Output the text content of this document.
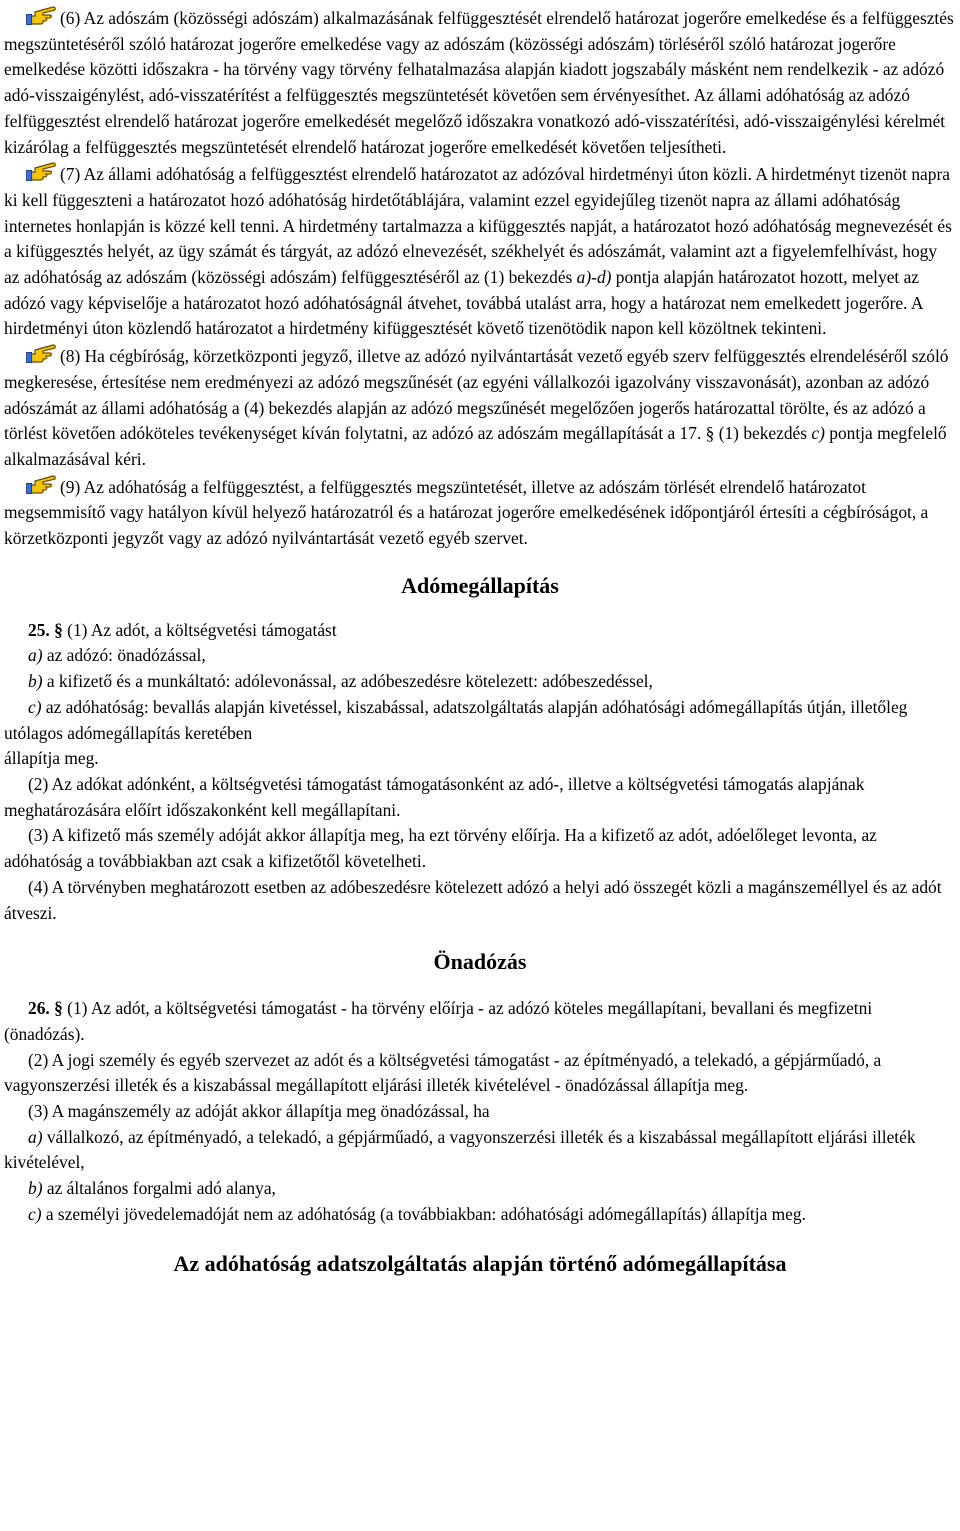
(6) Az adószám (közösségi adószám) alkalmazásának felfüggesztését elrendelő határozat jogerőre emelkedése és a felfüggesztés megszüntetéséről szóló határozat jogerőre emelkedése vagy az adószám (közösségi adószám) törléséről szóló határozat jogerőre emelkedése közötti időszakra - ha törvény vagy törvény felhatalmazása alapján kiadott jogszabály másként nem rendelkezik - az adózó adó-visszaigénylést, adó-visszatérítést a felfüggesztés megszüntetését követően sem érvényesíthet. Az állami adóhatóság az adózó felfüggesztést elrendelő határozat jogerőre emelkedését megelőző időszakra vonatkozó adó-visszatérítési, adó-visszaigénylési kérelmét kizárólag a felfüggesztés megszüntetését elrendelő határozat jogerőre emelkedését követően teljesítheti.

(7) Az állami adóhatóság a felfüggesztést elrendelő határozatot az adózóval hirdetményi úton közli. A hirdetményt tizenöt napra ki kell függeszteni a határozatot hozó adóhatóság hirdetőtáblájára, valamint ezzel egyidejűleg tizenöt napra az állami adóhatóság internetes honlapján is közzé kell tenni. A hirdetmény tartalmazza a kifüggesztés napját, a határozatot hozó adóhatóság megnevezését és a kifüggesztés helyét, az ügy számát és tárgyát, az adózó elnevezését, székhelyét és adószámát, valamint azt a figyelemfelhívást, hogy az adóhatóság az adószám (közösségi adószám) felfüggesztéséről az (1) bekezdés a)-d) pontja alapján határozatot hozott, melyet az adózó vagy képviselője a határozatot hozó adóhatóságnál átvehet, továbbá utalást arra, hogy a határozat nem emelkedett jogerőre. A hirdetményi úton közlendő határozatot a hirdetmény kifüggesztését követő tizenötödik napon kell közöltnek tekinteni.

(8) Ha cégbíróság, körzetközponti jegyző, illetve az adózó nyilvántartását vezető egyéb szerv felfüggesztés elrendeléséről szóló megkeresése, értesítése nem eredményezi az adózó megszűnését (az egyéni vállalkozói igazolvány visszavonását), azonban az adózó adószámát az állami adóhatóság a (4) bekezdés alapján az adózó megszűnését megelőzően jogerős határozattal törölte, és az adózó a törlést követően adóköteles tevékenységet kíván folytatni, az adózó az adószám megállapítását a 17. § (1) bekezdés c) pontja megfelelő alkalmazásával kéri.

(9) Az adóhatóság a felfüggesztést, a felfüggesztés megszüntetését, illetve az adószám törlését elrendelő határozatot megsemmisítő vagy hatályon kívül helyező határozatról és a határozat jogerőre emelkedésének időpontjáról értesíti a cégbíróságot, a körzetközponti jegyzőt vagy az adózó nyilvántartását vezető egyéb szervet.

Adómegállapítás

25. § (1) Az adót, a költségvetési támogatást

a) az adózó: önadózással,

b) a kifizető és a munkáltató: adólevonással, az adóbeszedésre kötelezett: adóbeszedéssel,

c) az adóhatóság: bevallás alapján kivetéssel, kiszabással, adatszolgáltatás alapján adóhatósági adómegállapítás útján, illetőleg utólagos adómegállapítás keretében

állapítja meg.

(2) Az adókat adónként, a költségvetési támogatást támogatásonként az adó-, illetve a költségvetési támogatás alapjának meghatározására előírt időszakonként kell megállapítani.

(3) A kifizető más személy adóját akkor állapítja meg, ha ezt törvény előírja. Ha a kifizető az adót, adóelőleget levonta, az adóhatóság a továbbiakban azt csak a kifizetőtől követelheti.

(4) A törvényben meghatározott esetben az adóbeszedésre kötelezett adózó a helyi adó összegét közli a magánszeméllyel és az adót átveszi.

Önadózás

26. § (1) Az adót, a költségvetési támogatást - ha törvény előírja - az adózó köteles megállapítani, bevallani és megfizetni (önadózás).

(2) A jogi személy és egyéb szervezet az adót és a költségvetési támogatást - az építményadó, a telekadó, a gépjárműadó, a vagyonszerzési illeték és a kiszabással megállapított eljárási illeték kivételével - önadózással állapítja meg.

(3) A magánszemély az adóját akkor állapítja meg önadózással, ha

a) vállalkozó, az építményadó, a telekadó, a gépjárműadó, a vagyonszerzési illeték és a kiszabással megállapított eljárási illeték kivételével,

b) az általános forgalmi adó alanya,

c) a személyi jövedelemadóját nem az adóhatóság (a továbbiakban: adóhatósági adómegállapítás) állapítja meg.

Az adóhatóság adatszolgáltatás alapján történő adómegállapítása
